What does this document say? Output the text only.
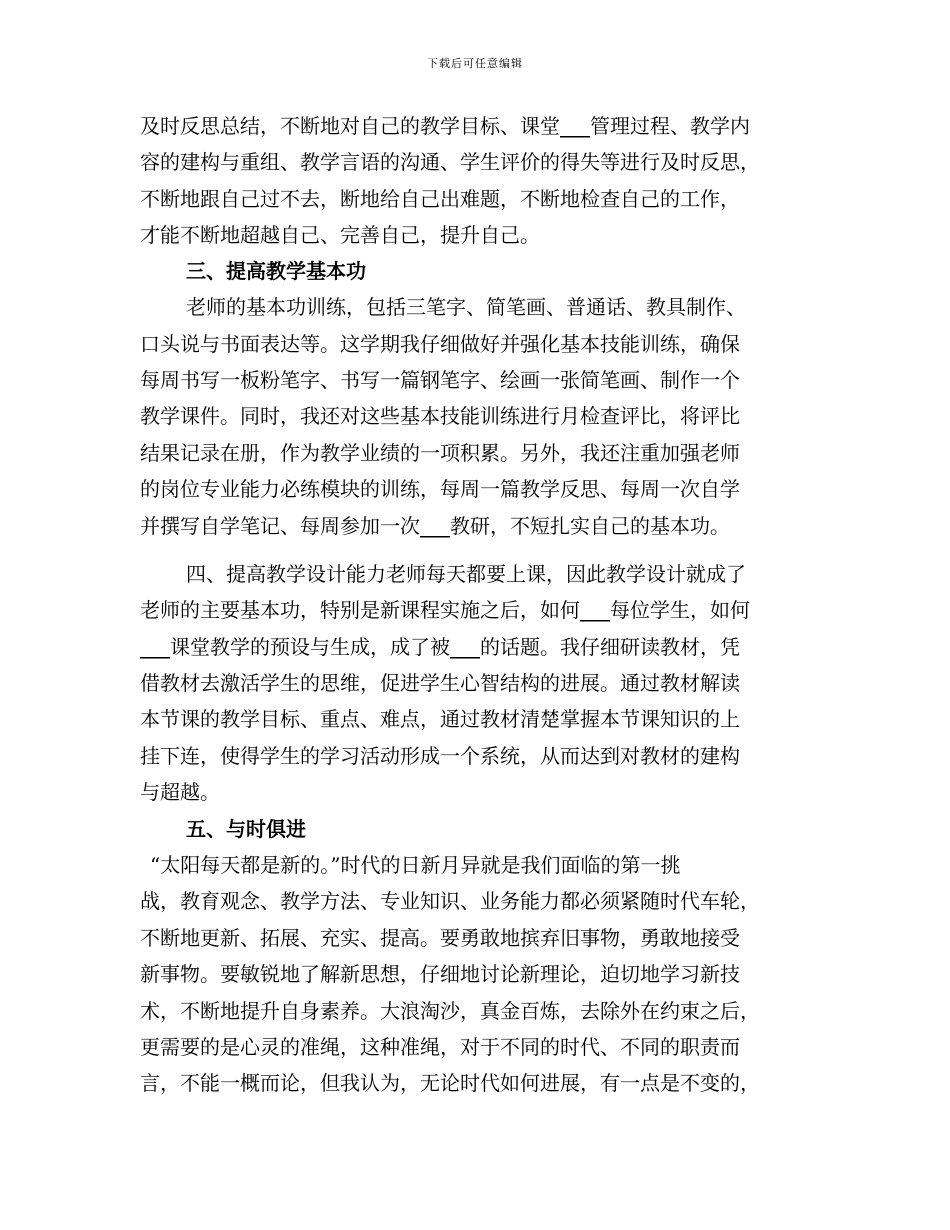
下载后可任意编辑
及时反思总结，不断地对自己的教学目标、课堂___管理过程、教学内
容的建构与重组、教学言语的沟通、学生评价的得失等进行及时反思，
不断地跟自己过不去，断地给自己出难题，不断地检查自己的工作，
才能不断地超越自己、完善自己，提升自己。
三、提高教学基本功
老师的基本功训练，包括三笔字、简笔画、普通话、教具制作、
口头说与书面表达等。这学期我仔细做好并强化基本技能训练，确保
每周书写一板粉笔字、书写一篇钢笔字、绘画一张简笔画、制作一个
教学课件。同时，我还对这些基本技能训练进行月检查评比，将评比
结果记录在册，作为教学业绩的一项积累。另外，我还注重加强老师
的岗位专业能力必练模块的训练，每周一篇教学反思、每周一次自学
并撰写自学笔记、每周参加一次___教研，不短扎实自己的基本功。
四、提高教学设计能力老师每天都要上课，因此教学设计就成了
老师的主要基本功，特别是新课程实施之后，如何___每位学生，如何
___课堂教学的预设与生成，成了被___的话题。我仔细研读教材，凭
借教材去激活学生的思维，促进学生心智结构的进展。通过教材解读
本节课的教学目标、重点、难点，通过教材清楚掌握本节课知识的上
挂下连，使得学生的学习活动形成一个系统，从而达到对教材的建构
与超越。
五、与时俱进
“太阳每天都是新的。”时代的日新月异就是我们面临的第一挑
战，教育观念、教学方法、专业知识、业务能力都必须紧随时代车轮，
不断地更新、拓展、充实、提高。要勇敢地摈弃旧事物，勇敢地接受
新事物。要敏锐地了解新思想，仔细地讨论新理论，迫切地学习新技
术，不断地提升自身素养。大浪淘沙，真金百炼，去除外在约束之后，
更需要的是心灵的准绳，这种准绳，对于不同的时代、不同的职责而
言，不能一概而论，但我认为，无论时代如何进展，有一点是不变的，
